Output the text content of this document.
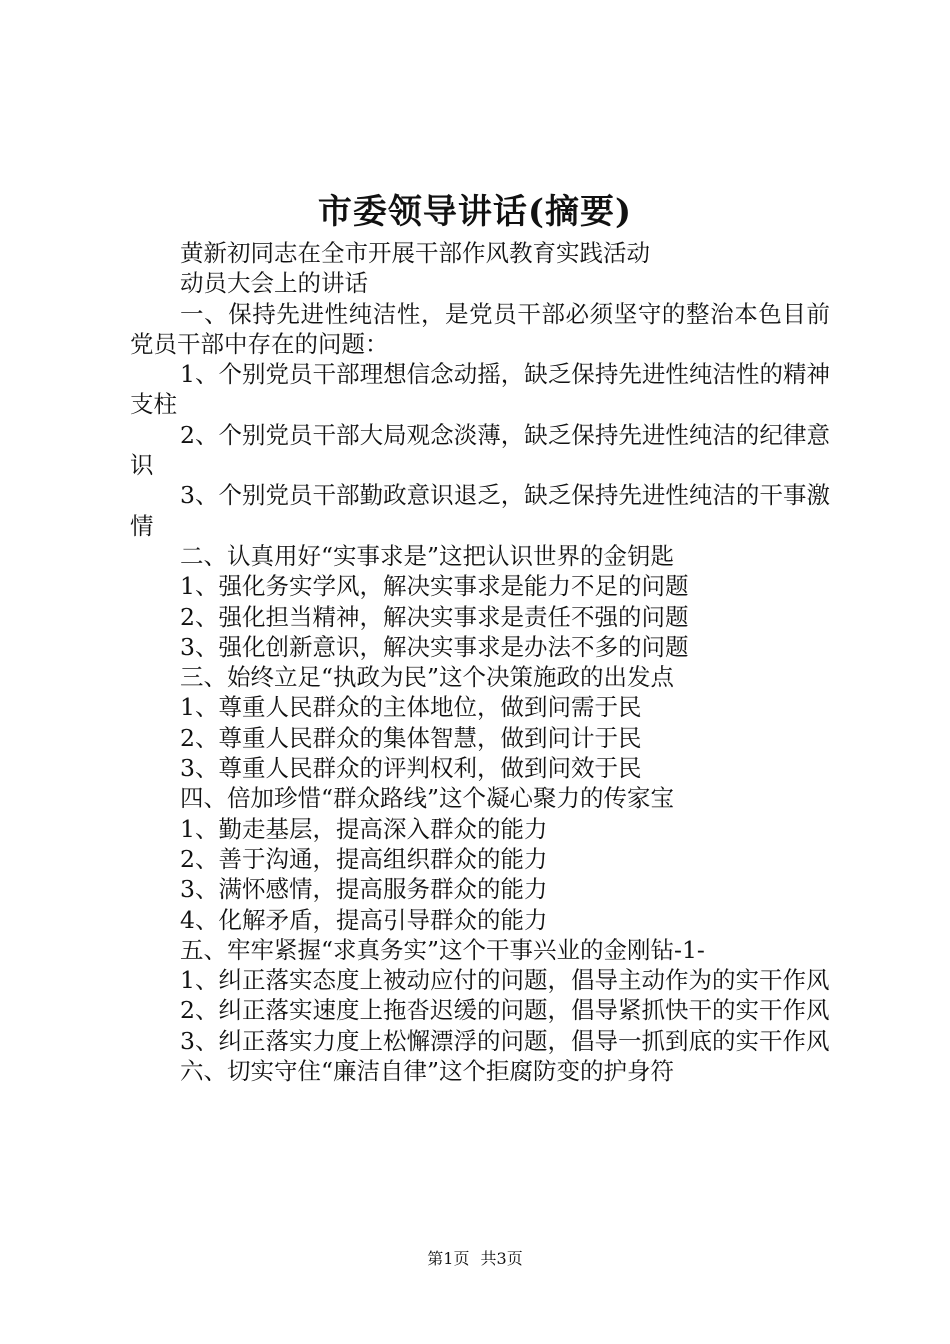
市委领导讲话(摘要)

黄新初同志在全市开展干部作风教育实践活动

动员大会上的讲话

一、保持先进性纯洁性，是党员干部必须坚守的整治本色目前党员干部中存在的问题：

1、个别党员干部理想信念动摇，缺乏保持先进性纯洁性的精神支柱

2、个别党员干部大局观念淡薄，缺乏保持先进性纯洁的纪律意识

3、个别党员干部勤政意识退乏，缺乏保持先进性纯洁的干事激情

二、认真用好“实事求是”这把认识世界的金钥匙

1、强化务实学风，解决实事求是能力不足的问题

2、强化担当精神，解决实事求是责任不强的问题

3、强化创新意识，解决实事求是办法不多的问题

三、始终立足“执政为民”这个决策施政的出发点

1、尊重人民群众的主体地位，做到问需于民

2、尊重人民群众的集体智慧，做到问计于民

3、尊重人民群众的评判权利，做到问效于民

四、倍加珍惜“群众路线”这个凝心聚力的传家宝

1、勤走基层，提高深入群众的能力

2、善于沟通，提高组织群众的能力

3、满怀感情，提高服务群众的能力

4、化解矛盾，提高引导群众的能力

五、牢牢紧握“求真务实”这个干事兴业的金刚钻-1-

1、纠正落实态度上被动应付的问题，倡导主动作为的实干作风

2、纠正落实速度上拖沓迟缓的问题，倡导紧抓快干的实干作风

3、纠正落实力度上松懈漂浮的问题，倡导一抓到底的实干作风

六、切实守住“廉洁自律”这个拒腐防变的护身符

第1页 共3页
